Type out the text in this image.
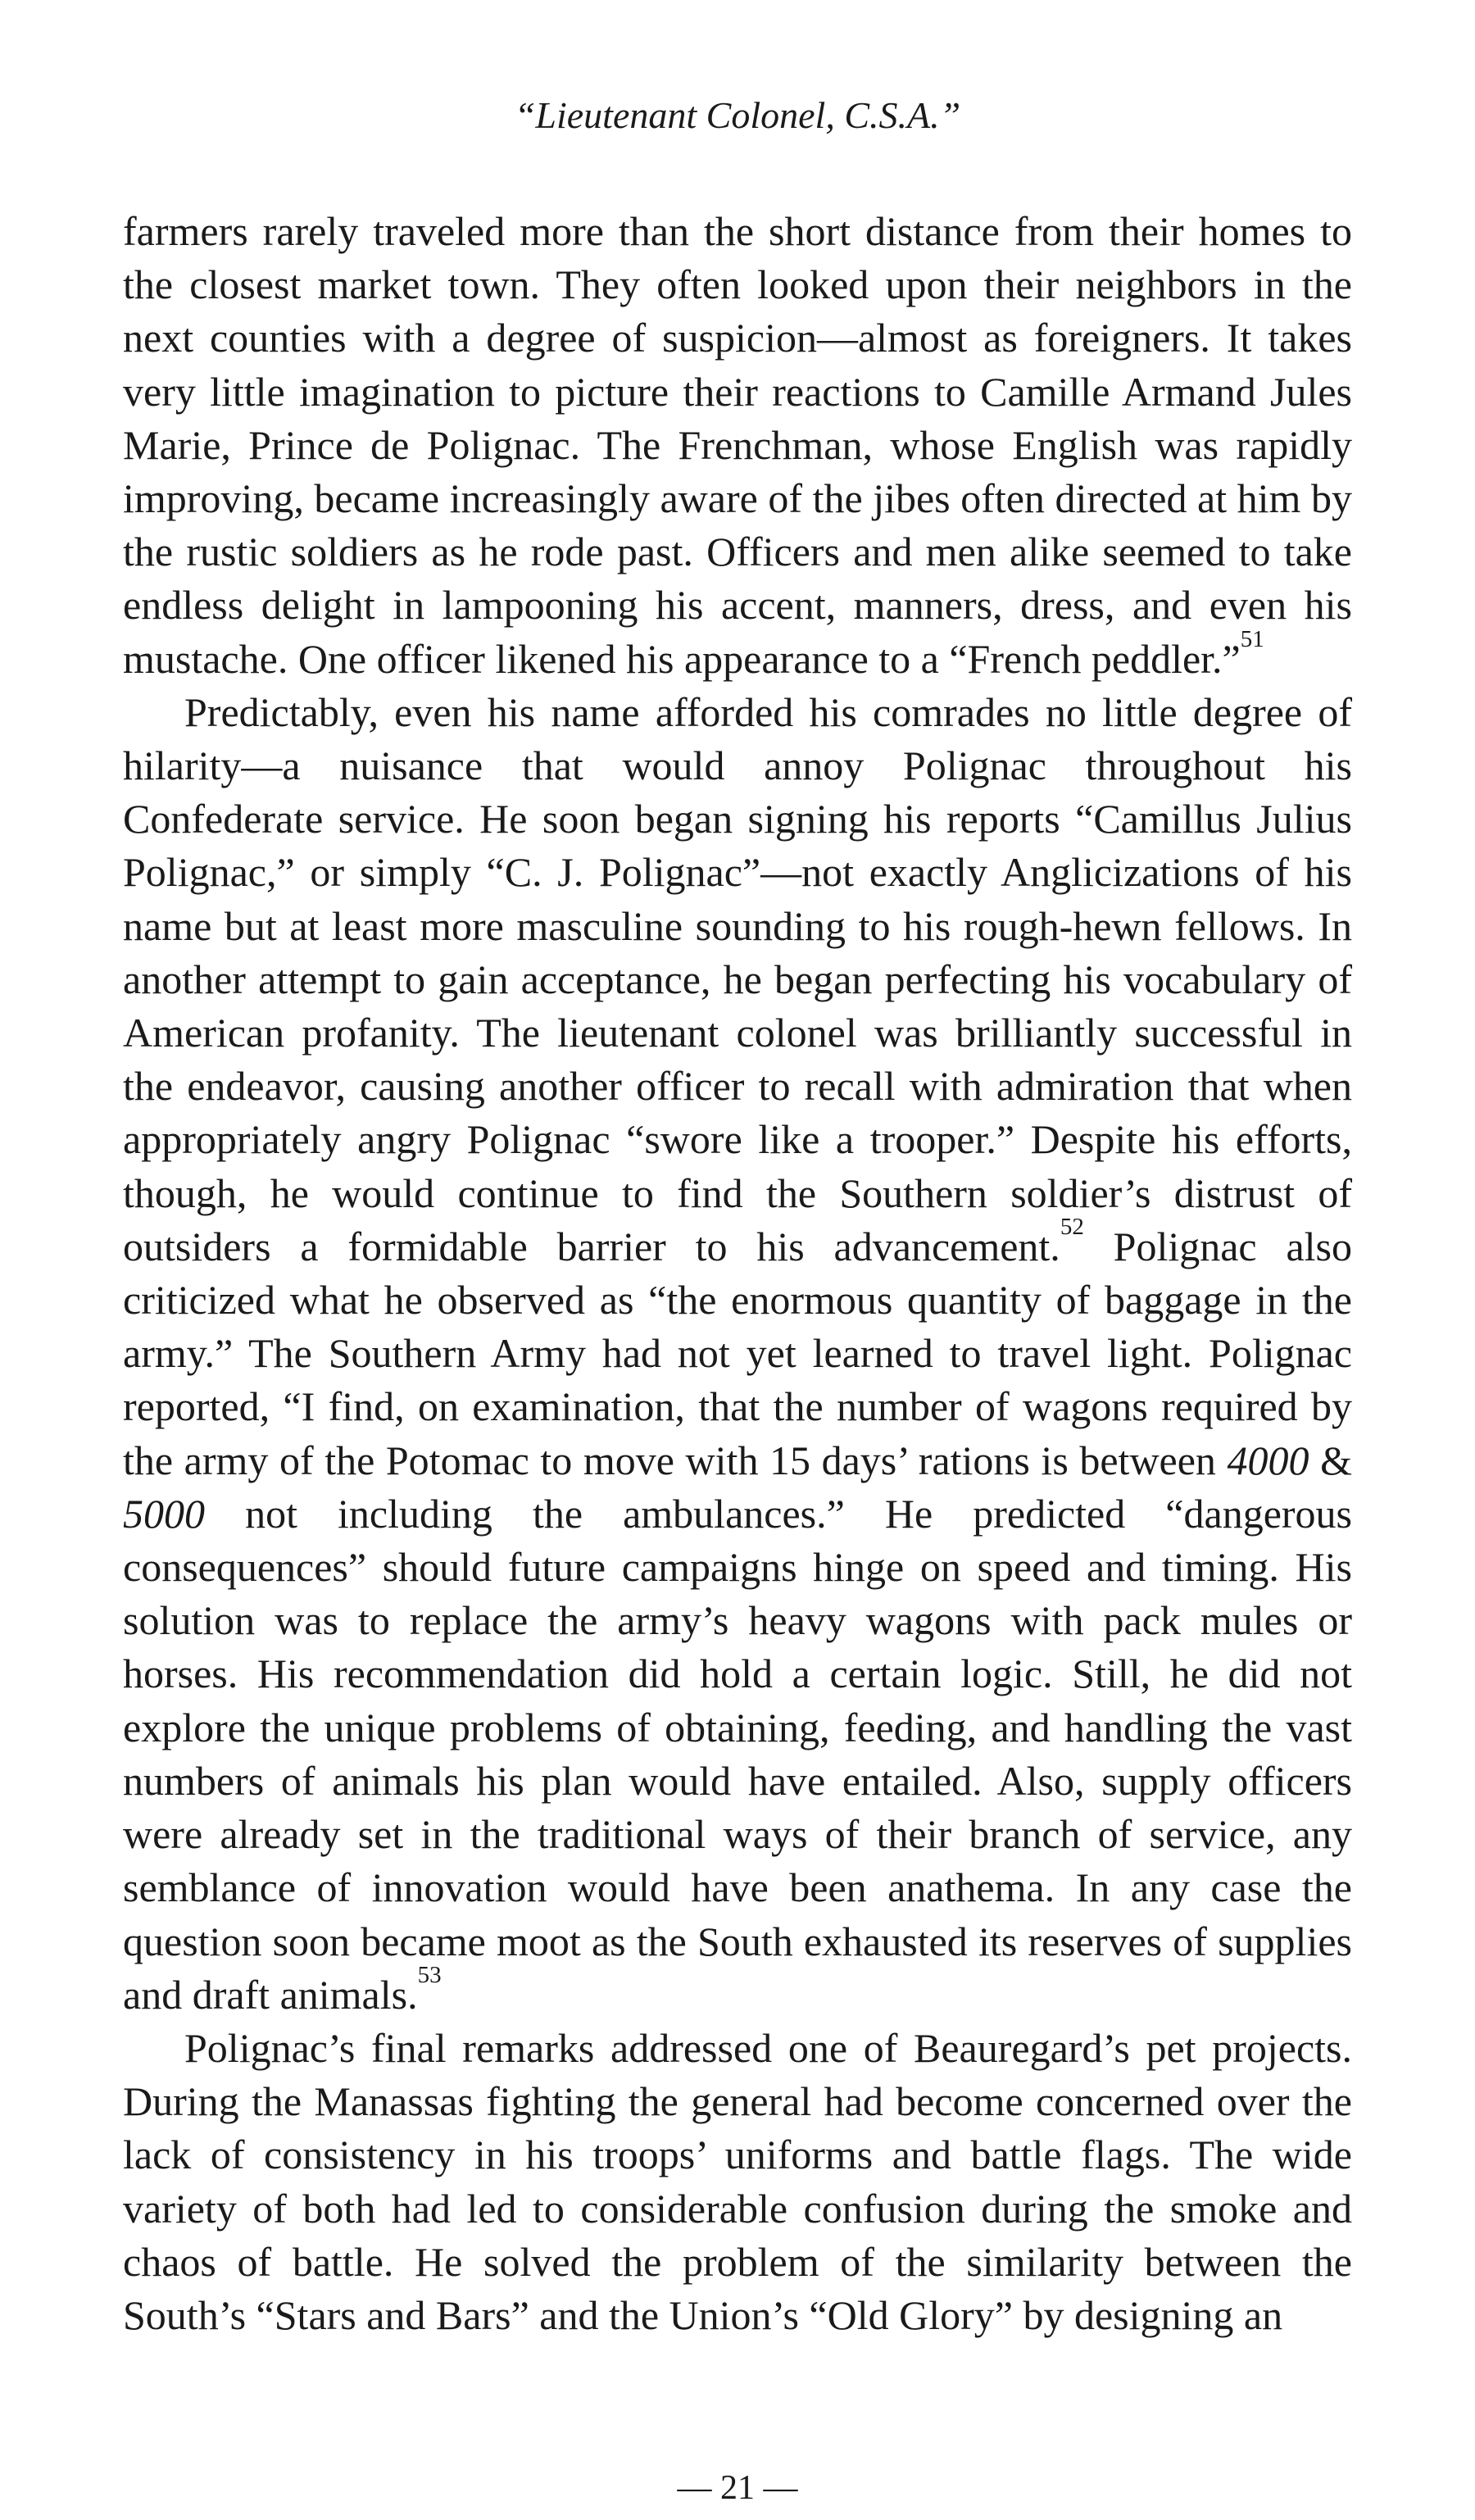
“Lieutenant Colonel, C.S.A.”

farmers rarely traveled more than the short distance from their homes to the closest market town. They often looked upon their neighbors in the next counties with a degree of suspicion—almost as foreigners. It takes very little imagination to picture their reactions to Camille Armand Jules Marie, Prince de Polignac. The Frenchman, whose English was rapidly improving, became increasingly aware of the jibes often directed at him by the rustic soldiers as he rode past. Officers and men alike seemed to take endless delight in lampooning his accent, manners, dress, and even his mustache. One officer likened his appearance to a “French peddler.”$^{51}$

Predictably, even his name afforded his comrades no little degree of hilarity—a nuisance that would annoy Polignac throughout his Confederate service. He soon began signing his reports “Camillus Julius Polignac,” or simply “C. J. Polignac”—not exactly Anglicizations of his name but at least more masculine sounding to his rough-hewn fellows. In another attempt to gain acceptance, he began perfecting his vocabulary of American profanity. The lieutenant colonel was brilliantly successful in the endeavor, causing another officer to recall with admiration that when appropriately angry Polignac “swore like a trooper.” Despite his efforts, though, he would continue to find the Southern soldier’s distrust of outsiders a formidable barrier to his advancement.$^{52}$ Polignac also criticized what he observed as “the enormous quantity of baggage in the army.” The Southern Army had not yet learned to travel light. Polignac reported, “I find, on examination, that the number of wagons required by the army of the Potomac to move with 15 days’ rations is between 4000 & 5000 not including the ambulances.” He predicted “dangerous consequences” should future campaigns hinge on speed and timing. His solution was to replace the army’s heavy wagons with pack mules or horses. His recommendation did hold a certain logic. Still, he did not explore the unique problems of obtaining, feeding, and handling the vast numbers of animals his plan would have entailed. Also, supply officers were already set in the traditional ways of their branch of service, any semblance of innovation would have been anathema. In any case the question soon became moot as the South exhausted its reserves of supplies and draft animals.$^{53}$

Polignac’s final remarks addressed one of Beauregard’s pet projects. During the Manassas fighting the general had become concerned over the lack of consistency in his troops’ uniforms and battle flags. The wide variety of both had led to considerable confusion during the smoke and chaos of battle. He solved the problem of the similarity between the South’s “Stars and Bars” and the Union’s “Old Glory” by designing an

— 21 —
